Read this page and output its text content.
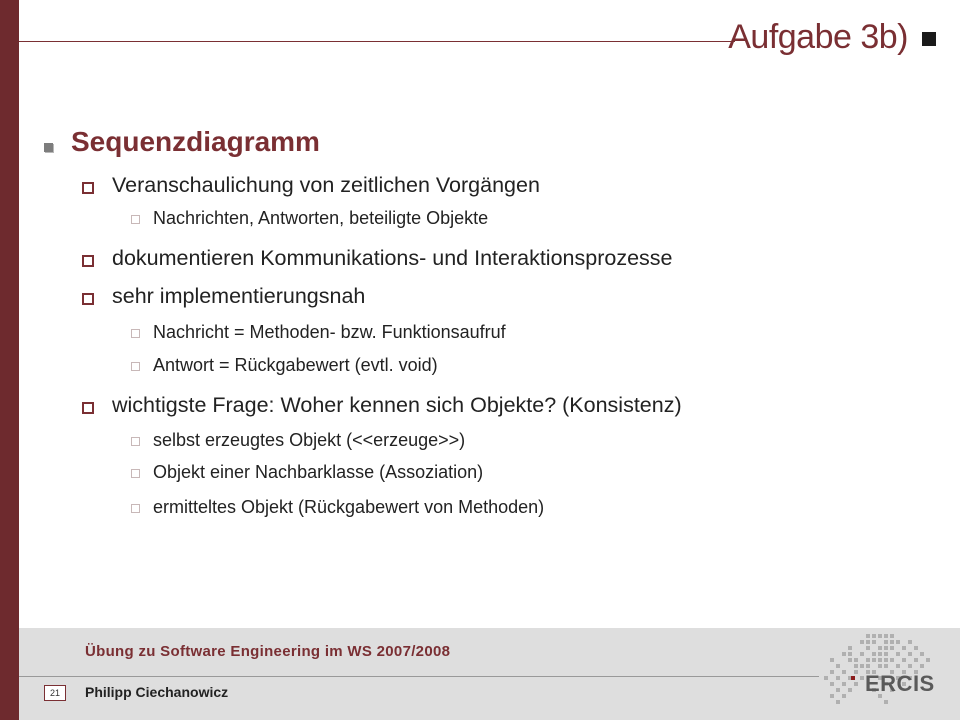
Aufgabe 3b)
Sequenzdiagramm
Veranschaulichung von zeitlichen Vorgängen
Nachrichten, Antworten, beteiligte Objekte
dokumentieren Kommunikations- und Interaktionsprozesse
sehr implementierungsnah
Nachricht = Methoden- bzw. Funktionsaufruf
Antwort = Rückgabewert (evtl. void)
wichtigste Frage: Woher kennen sich Objekte? (Konsistenz)
selbst erzeugtes Objekt (<<erzeuge>>)
Objekt einer Nachbarklasse (Assoziation)
ermitteltes Objekt (Rückgabewert von Methoden)
Übung zu Software Engineering im WS 2007/2008
21	Philipp Ciechanowicz	ERCIS
